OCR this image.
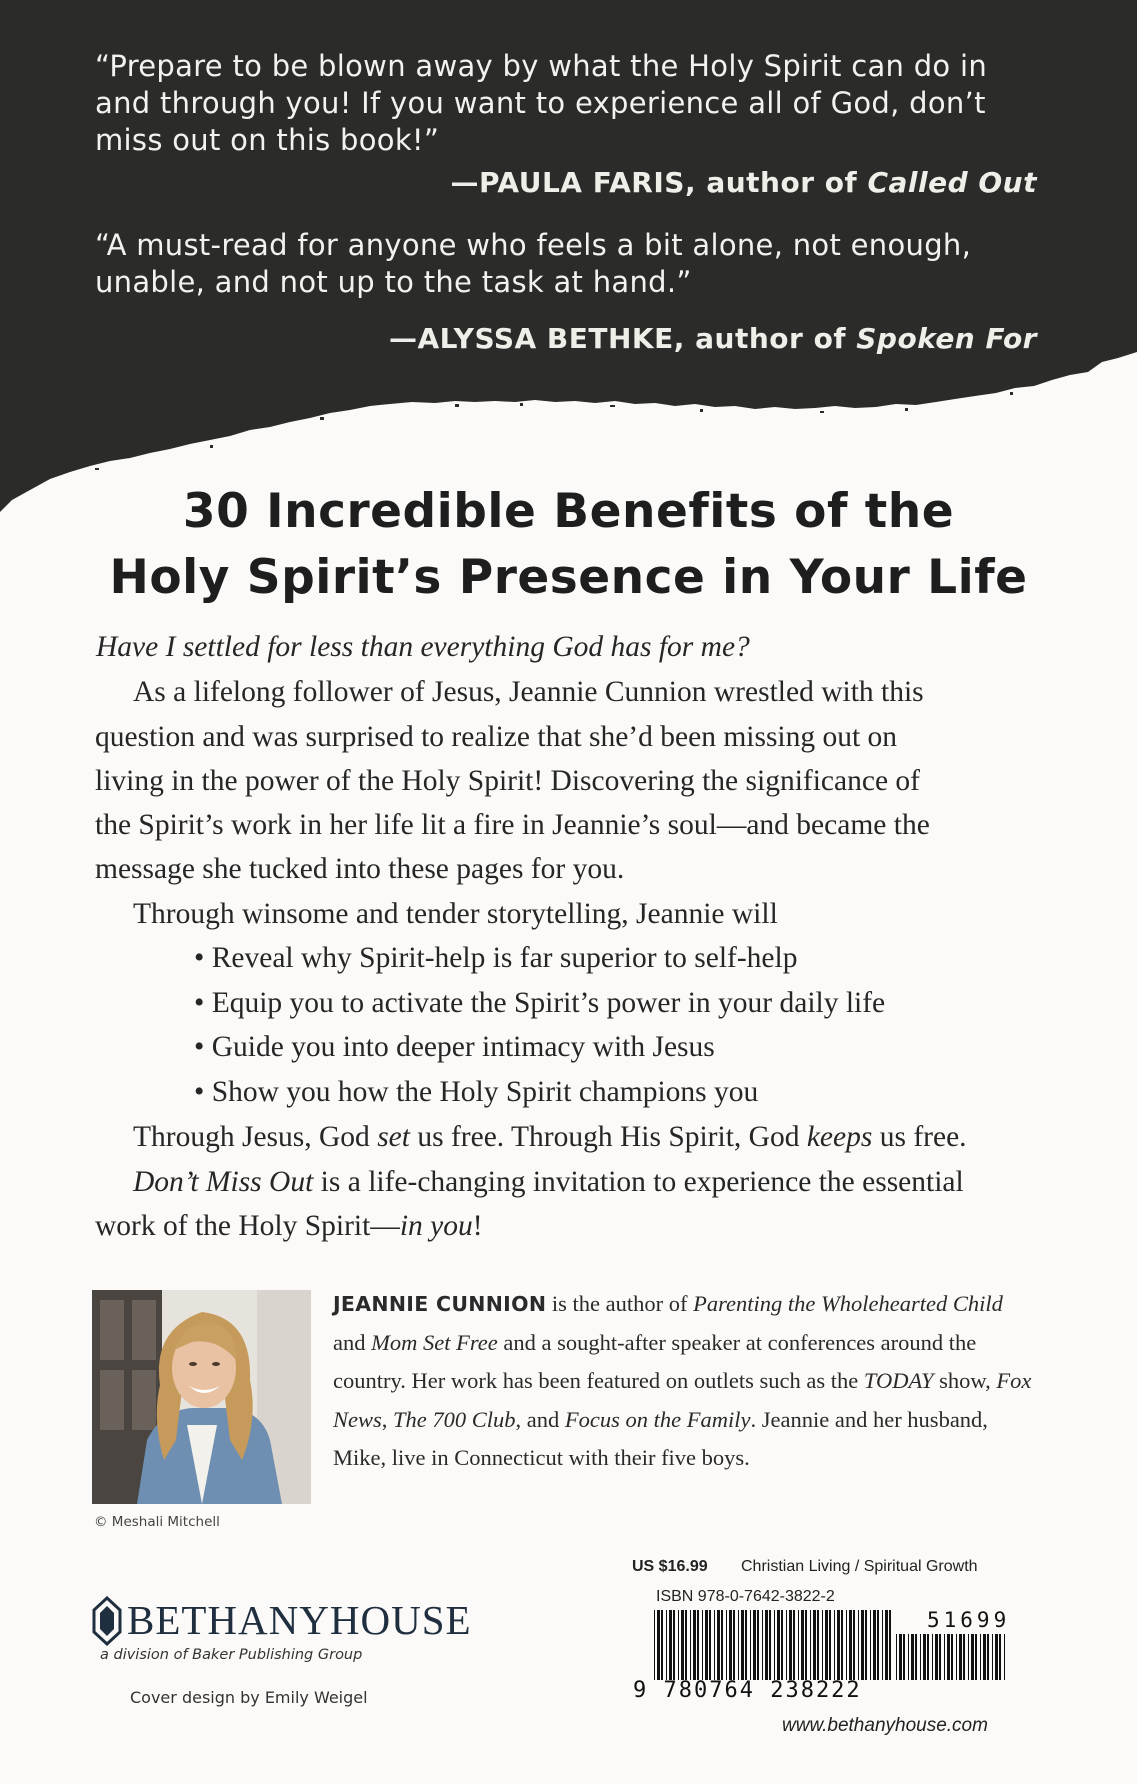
“Prepare to be blown away by what the Holy Spirit can do in
and through you! If you want to experience all of God, don’t
miss out on this book!”
—PAULA FARIS, author of Called Out
“A must-read for anyone who feels a bit alone, not enough,
unable, and not up to the task at hand.”
—ALYSSA BETHKE, author of Spoken For
30 Incredible Benefits of the
Holy Spirit’s Presence in Your Life
Have I settled for less than everything God has for me?
As a lifelong follower of Jesus, Jeannie Cunnion wrestled with this
question and was surprised to realize that she’d been missing out on
living in the power of the Holy Spirit! Discovering the significance of
the Spirit’s work in her life lit a fire in Jeannie’s soul—and became the
message she tucked into these pages for you.
Through winsome and tender storytelling, Jeannie will
• Reveal why Spirit-help is far superior to self-help
• Equip you to activate the Spirit’s power in your daily life
• Guide you into deeper intimacy with Jesus
• Show you how the Holy Spirit champions you
Through Jesus, God set us free. Through His Spirit, God keeps us free.
Don’t Miss Out is a life-changing invitation to experience the essential
work of the Holy Spirit—in you!
© Meshali Mitchell
JEANNIE CUNNION is the author of Parenting the Wholehearted Child and Mom Set Free and a sought-after speaker at conferences around the country. Her work has been featured on outlets such as the TODAY show, Fox News, The 700 Club, and Focus on the Family. Jeannie and her husband, Mike, live in Connecticut with their five boys.
BETHANYHOUSE
a division of Baker Publishing Group
Cover design by Emily Weigel
US $16.99 Christian Living / Spiritual Growth
ISBN 978-0-7642-3822-2
51699
9 780764 238222
www.bethanyhouse.com
